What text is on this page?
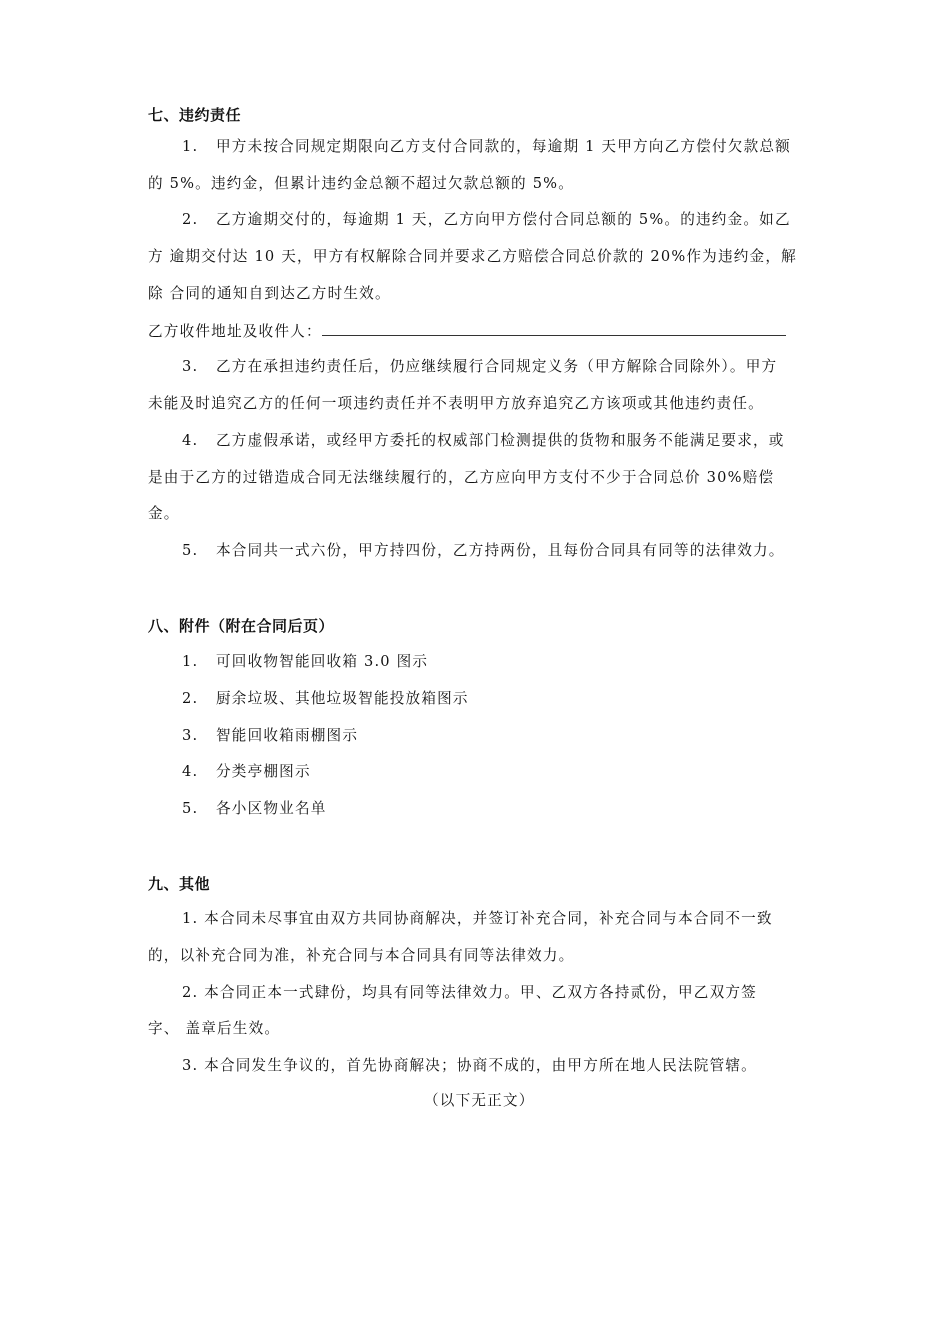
七、违约责任
1. 甲方未按合同规定期限向乙方支付合同款的，每逾期 1 天甲方向乙方偿付欠款总额
的 5%。违约金，但累计违约金总额不超过欠款总额的 5%。
2. 乙方逾期交付的，每逾期 1 天，乙方向甲方偿付合同总额的 5%。的违约金。如乙
方 逾期交付达 10 天，甲方有权解除合同并要求乙方赔偿合同总价款的 20%作为违约金，解
除 合同的通知自到达乙方时生效。
乙方收件地址及收件人：
3. 乙方在承担违约责任后，仍应继续履行合同规定义务（甲方解除合同除外）。甲方
未能及时追究乙方的任何一项违约责任并不表明甲方放弃追究乙方该项或其他违约责任。
4. 乙方虚假承诺，或经甲方委托的权威部门检测提供的货物和服务不能满足要求，或
是由于乙方的过错造成合同无法继续履行的，乙方应向甲方支付不少于合同总价 30%赔偿
金。
5. 本合同共一式六份，甲方持四份，乙方持两份，且每份合同具有同等的法律效力。
八、附件（附在合同后页）
1. 可回收物智能回收箱 3.0 图示
2. 厨余垃圾、其他垃圾智能投放箱图示
3. 智能回收箱雨棚图示
4. 分类亭棚图示
5. 各小区物业名单
九、其他
1. 本合同未尽事宜由双方共同协商解决，并签订补充合同，补充合同与本合同不一致
的，以补充合同为准，补充合同与本合同具有同等法律效力。
2. 本合同正本一式肆份，均具有同等法律效力。甲、乙双方各持贰份，甲乙双方签
字、 盖章后生效。
3. 本合同发生争议的，首先协商解决；协商不成的，由甲方所在地人民法院管辖。
（以下无正文）
